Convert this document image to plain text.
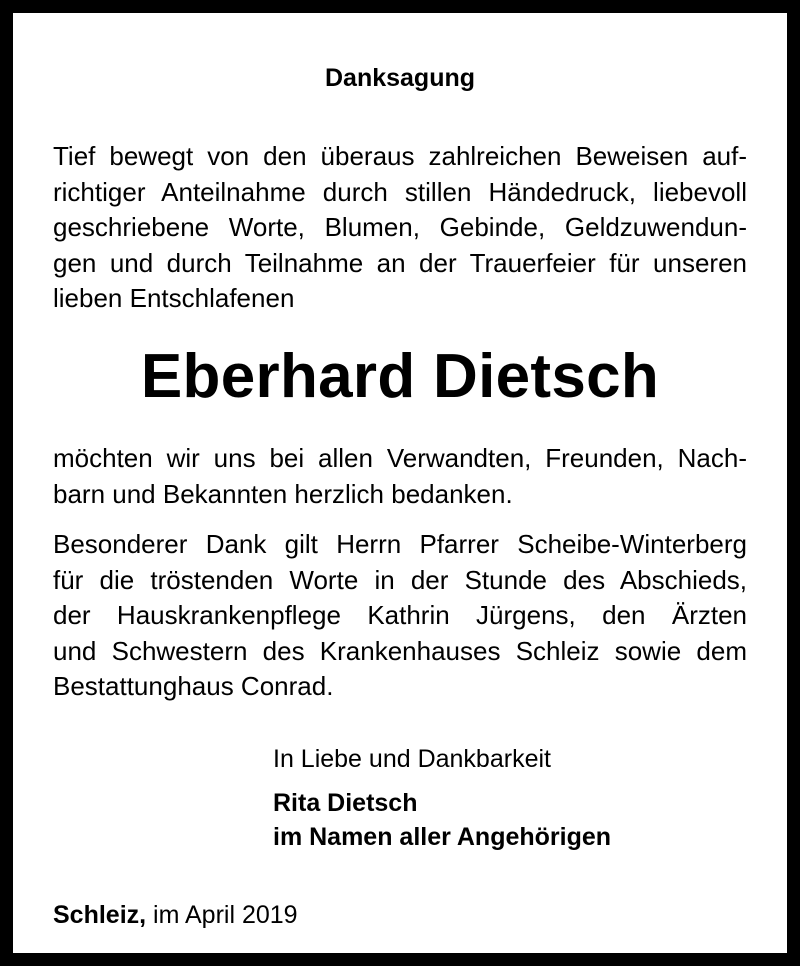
Danksagung

Tief bewegt von den überaus zahlreichen Beweisen auf-
richtiger Anteilnahme durch stillen Händedruck, liebevoll
geschriebene Worte, Blumen, Gebinde, Geldzuwendun-
gen und durch Teilnahme an der Trauerfeier für unseren
lieben Entschlafenen

Eberhard Dietsch

möchten wir uns bei allen Verwandten, Freunden, Nach-
barn und Bekannten herzlich bedanken.

Besonderer Dank gilt Herrn Pfarrer Scheibe-Winterberg
für die tröstenden Worte in der Stunde des Abschieds,
der Hauskrankenpflege Kathrin Jürgens, den Ärzten
und Schwestern des Krankenhauses Schleiz sowie dem
Bestattunghaus Conrad.

In Liebe und Dankbarkeit
Rita Dietsch
im Namen aller Angehörigen
Schleiz, im April 2019
